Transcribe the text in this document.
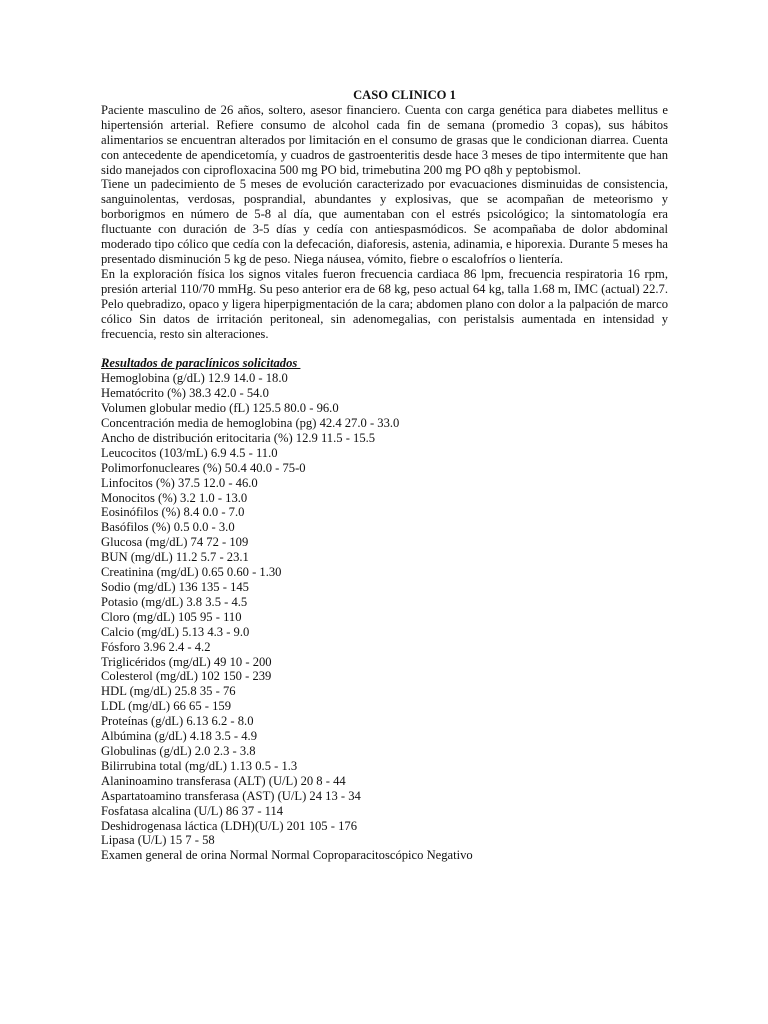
CASO CLINICO 1

Paciente masculino de 26 años, soltero, asesor financiero. Cuenta con carga genética para diabetes mellitus e hipertensión arterial. Refiere consumo de alcohol cada fin de semana (promedio 3 copas), sus hábitos alimentarios se encuentran alterados por limitación en el consumo de grasas que le condicionan diarrea. Cuenta con antecedente de apendicetomía, y cuadros de gastroenteritis desde hace 3 meses de tipo intermitente que han sido manejados con ciprofloxacina 500 mg PO bid, trimebutina 200 mg PO q8h y peptobismol.

Tiene un padecimiento de 5 meses de evolución caracterizado por evacuaciones disminuidas de consistencia, sanguinolentas, verdosas, posprandial, abundantes y explosivas, que se acompañan de meteorismo y borborigmos en número de 5-8 al día, que aumentaban con el estrés psicológico; la sintomatología era fluctuante con duración de 3-5 días y cedía con antiespasmódicos. Se acompañaba de dolor abdominal moderado tipo cólico que cedía con la defecación, diaforesis, astenia, adinamia, e hiporexia. Durante 5 meses ha presentado disminución 5 kg de peso. Niega náusea, vómito, fiebre o escalofríos o lientería.

En la exploración física los signos vitales fueron frecuencia cardiaca 86 lpm, frecuencia respiratoria 16 rpm, presión arterial 110/70 mmHg. Su peso anterior era de 68 kg, peso actual 64 kg, talla 1.68 m, IMC (actual) 22.7. Pelo quebradizo, opaco y ligera hiperpigmentación de la cara; abdomen plano con dolor a la palpación de marco cólico Sin datos de irritación peritoneal, sin adenomegalias, con peristalsis aumentada en intensidad y frecuencia, resto sin alteraciones.

Resultados de paraclínicos solicitados

Hemoglobina (g/dL) 12.9 14.0 - 18.0
Hematócrito (%) 38.3 42.0 - 54.0
Volumen globular medio (fL) 125.5 80.0 - 96.0
Concentración media de hemoglobina (pg) 42.4 27.0 - 33.0
Ancho de distribución eritocitaria (%) 12.9 11.5 - 15.5
Leucocitos (103/mL) 6.9 4.5 - 11.0
Polimorfonucleares (%) 50.4 40.0 - 75-0
Linfocitos (%) 37.5 12.0 - 46.0
Monocitos (%) 3.2 1.0 - 13.0
Eosinófilos (%) 8.4 0.0 - 7.0
Basófilos (%) 0.5 0.0 - 3.0
Glucosa (mg/dL) 74 72 - 109
BUN (mg/dL) 11.2 5.7 - 23.1
Creatinina (mg/dL) 0.65 0.60 - 1.30
Sodio (mg/dL) 136 135 - 145
Potasio (mg/dL) 3.8 3.5 - 4.5
Cloro (mg/dL) 105 95 - 110
Calcio (mg/dL) 5.13 4.3 - 9.0
Fósforo 3.96 2.4 - 4.2
Triglicéridos (mg/dL) 49 10 - 200
Colesterol (mg/dL) 102 150 - 239
HDL (mg/dL) 25.8 35 - 76
LDL (mg/dL) 66 65 - 159
Proteínas (g/dL) 6.13 6.2 - 8.0
Albúmina (g/dL) 4.18 3.5 - 4.9
Globulinas (g/dL) 2.0 2.3 - 3.8
Bilirrubina total (mg/dL) 1.13 0.5 - 1.3
Alaninoamino transferasa (ALT) (U/L) 20 8 - 44
Aspartatoamino transferasa (AST) (U/L) 24 13 - 34
Fosfatasa alcalina (U/L) 86 37 - 114
Deshidrogenasa láctica (LDH)(U/L) 201 105 - 176
Lipasa (U/L) 15 7 - 58
Examen general de orina Normal Normal Coproparacitoscópico Negativo
